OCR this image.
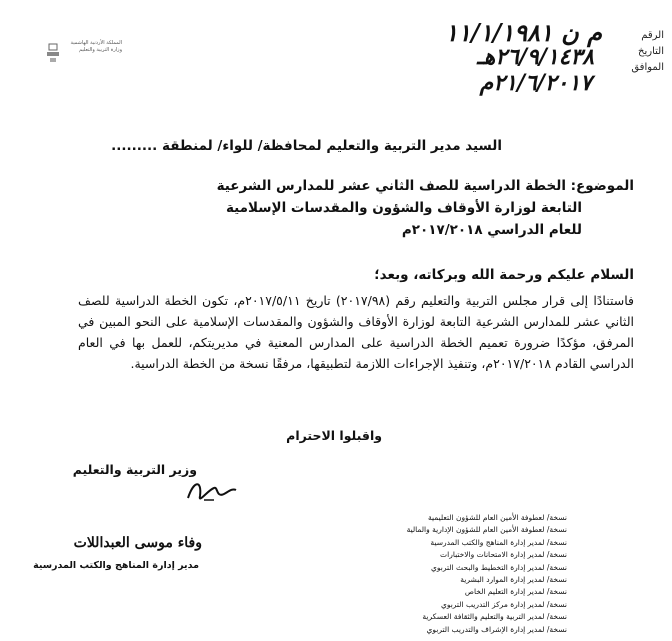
المملكة الأردنية الهاشمية
وزارة التربية والتعليم
الرقم
التاريخ
الموافق
م ن ١١/١/١٩٨١
٢٦/٩/١٤٣٨هـ
٢١/٦/٢٠١٧م
السيد مدير التربية والتعليم لمحافظة/ للواء/ لمنطقة .........
الموضوع: الخطة الدراسية للصف الثاني عشر للمدارس الشرعية
التابعة لوزارة الأوقاف والشؤون والمقدسات الإسلامية
للعام الدراسي ٢٠١٧/٢٠١٨م
السلام عليكم ورحمة الله وبركاته، وبعد؛
فاستنادًا إلى قرار مجلس التربية والتعليم رقم (٢٠١٧/٩٨) تاريخ ٢٠١٧/٥/١١م، تكون الخطة الدراسية للصف الثاني عشر للمدارس الشرعية التابعة لوزارة الأوقاف والشؤون والمقدسات الإسلامية على النحو المبين في المرفق، مؤكدًا ضرورة تعميم الخطة الدراسية على المدارس المعنية في مديريتكم، للعمل بها في العام الدراسي القادم ٢٠١٧/٢٠١٨م، وتنفيذ الإجراءات اللازمة لتطبيقها، مرفقًا نسخة من الخطة الدراسية.
واقبلوا الاحترام
وزير التربية والتعليم
وفاء موسى العبداللات
مدير إدارة المناهج والكتب المدرسية
نسخة/ لعطوفة الأمين العام للشؤون التعليمية
نسخة/ لعطوفة الأمين العام للشؤون الإدارية والمالية
نسخة/ لمدير إدارة المناهج والكتب المدرسية
نسخة/ لمدير إدارة الامتحانات والاختبارات
نسخة/ لمدير إدارة التخطيط والبحث التربوي
نسخة/ لمدير إدارة الموارد البشرية
نسخة/ لمدير إدارة التعليم الخاص
نسخة/ لمدير إدارة مركز التدريب التربوي
نسخة/ لمدير التربية والتعليم والثقافة العسكرية
نسخة/ لمدير إدارة الإشراف والتدريب التربوي
